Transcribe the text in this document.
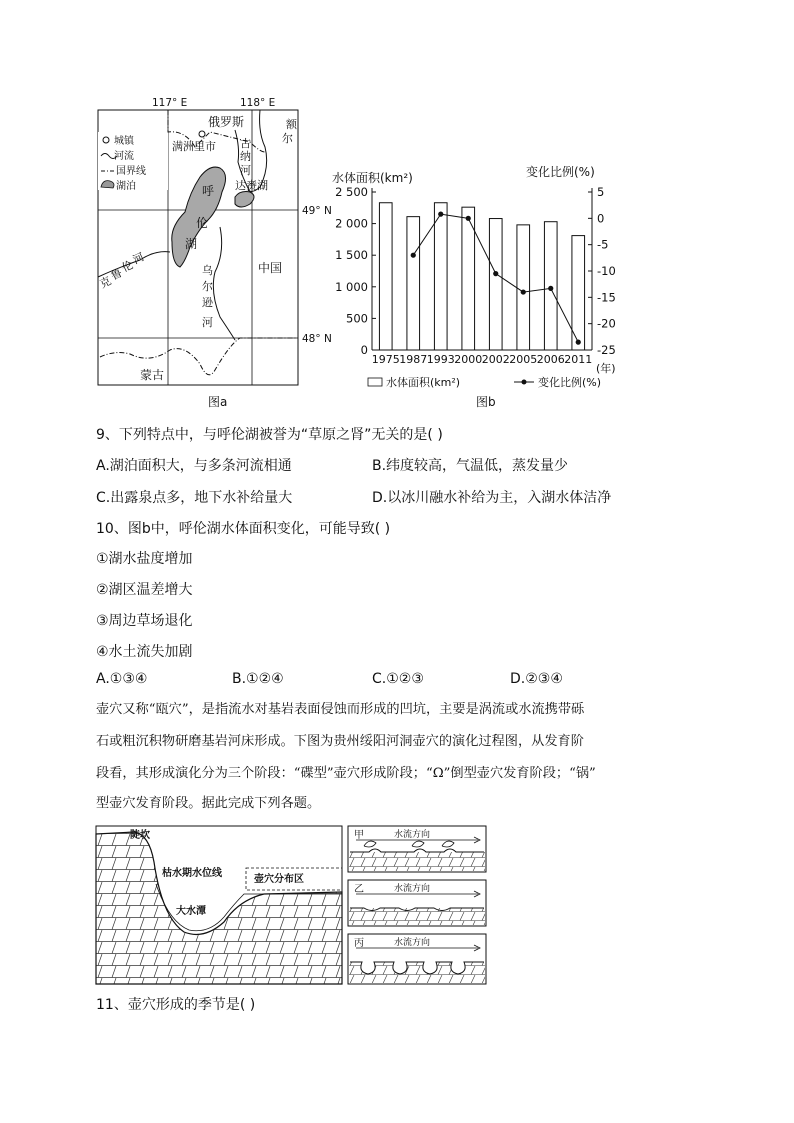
117° E	118° E
49° N
48° N
城镇
河流
国界线
湖泊
俄罗斯	额
尔
满洲里市 古
纳
河
达赉湖
呼
伦
湖
克
鲁
伦
河
乌
尔
逊
河
中国
蒙古
图a
水体面积(km²)	变化比例(%)
(年)
0
500
1 000
1 500
2 000
2 500	5
0
-5
-10
-15
-20
-25
1975 1987 1993 2000 2002 2005 2006 2011
水体面积(km²)	变化比例(%)
图b
9、下列特点中，与呼伦湖被誉为“草原之肾”无关的是( )
A.湖泊面积大，与多条河流相通	B.纬度较高，气温低，蒸发量少
C.出露泉点多，地下水补给量大	D.以冰川融水补给为主，入湖水体洁净
10、图b中，呼伦湖水体面积变化，可能导致( )
①湖水盐度增加
②湖区温差增大
③周边草场退化
④水土流失加剧
A.①③④	B.①②④	C.①②③	D.②③④
壶穴又称“瓯穴”，是指流水对基岩表面侵蚀而形成的凹坑，主要是涡流或水流携带砾
石或粗沉积物研磨基岩河床形成。下图为贵州绥阳河洞壶穴的演化过程图，从发育阶
段看，其形成演化分为三个阶段：“碟型”壶穴形成阶段；“Ω”倒型壶穴发育阶段；“锅”
型壶穴发育阶段。据此完成下列各题。
陡坎
枯水期水位线
壶穴分布区
大水潭
甲	水流方向
乙	水流方向
丙	水流方向
11、壶穴形成的季节是( )
